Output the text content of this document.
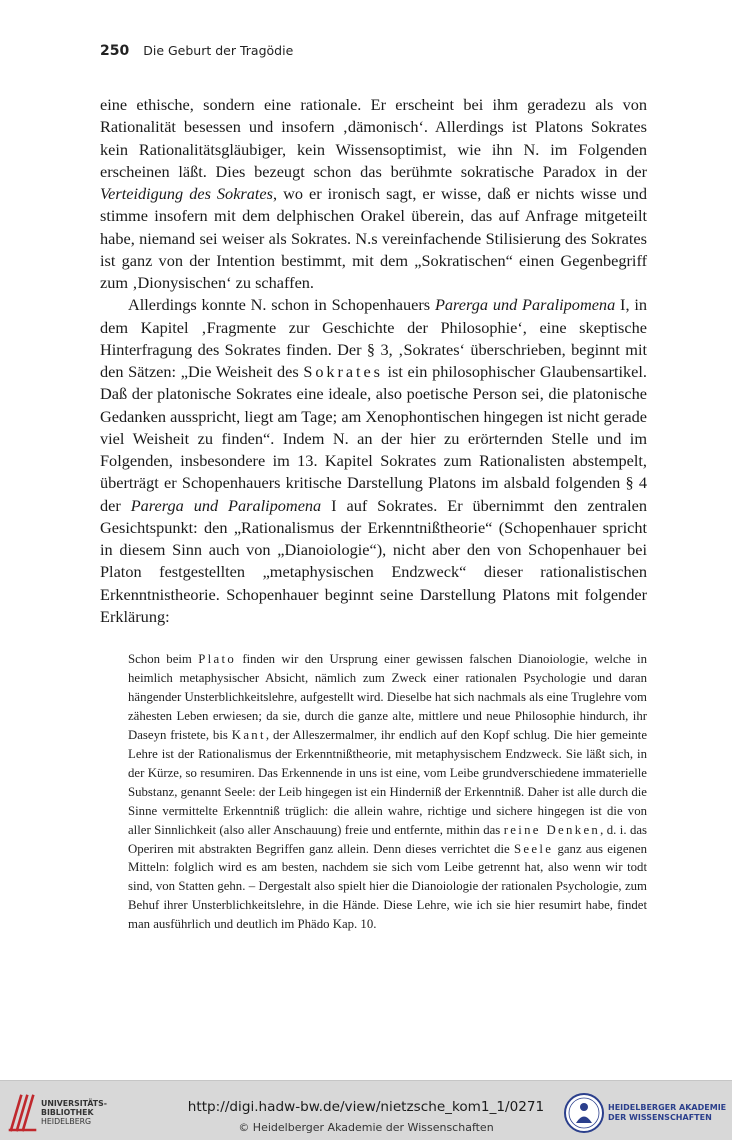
250 Die Geburt der Tragödie

eine ethische, sondern eine rationale. Er erscheint bei ihm geradezu als von Rationalität besessen und insofern ‚dämonisch‘. Allerdings ist Platons Sokrates kein Rationalitätsgläubiger, kein Wissensoptimist, wie ihn N. im Folgenden erscheinen läßt. Dies bezeugt schon das berühmte sokratische Paradox in der Verteidigung des Sokrates, wo er ironisch sagt, er wisse, daß er nichts wisse und stimme insofern mit dem delphischen Orakel überein, das auf Anfrage mitgeteilt habe, niemand sei weiser als Sokrates. N.s vereinfachende Stilisierung des Sokrates ist ganz von der Intention bestimmt, mit dem „Sokratischen“ einen Gegenbegriff zum ‚Dionysischen‘ zu schaffen.

Allerdings konnte N. schon in Schopenhauers Parerga und Paralipomena I, in dem Kapitel ‚Fragmente zur Geschichte der Philosophie‘, eine skeptische Hinterfragung des Sokrates finden. Der § 3, ‚Sokrates‘ überschrieben, beginnt mit den Sätzen: „Die Weisheit des Sokrates ist ein philosophischer Glaubensartikel. Daß der platonische Sokrates eine ideale, also poetische Person sei, die platonische Gedanken ausspricht, liegt am Tage; am Xenophontischen hingegen ist nicht gerade viel Weisheit zu finden“. Indem N. an der hier zu erörternden Stelle und im Folgenden, insbesondere im 13. Kapitel Sokrates zum Rationalisten abstempelt, überträgt er Schopenhauers kritische Darstellung Platons im alsbald folgenden § 4 der Parerga und Paralipomena I auf Sokrates. Er übernimmt den zentralen Gesichtspunkt: den „Rationalismus der Erkenntnißtheorie“ (Schopenhauer spricht in diesem Sinn auch von „Dianoiologie“), nicht aber den von Schopenhauer bei Platon festgestellten „metaphysischen Endzweck“ dieser rationalistischen Erkenntnistheorie. Schopenhauer beginnt seine Darstellung Platons mit folgender Erklärung:

Schon beim Plato finden wir den Ursprung einer gewissen falschen Dianoiologie, welche in heimlich metaphysischer Absicht, nämlich zum Zweck einer rationalen Psychologie und daran hängender Unsterblichkeitslehre, aufgestellt wird. Dieselbe hat sich nachmals als eine Truglehre vom zähesten Leben erwiesen; da sie, durch die ganze alte, mittlere und neue Philosophie hindurch, ihr Daseyn fristete, bis Kant, der Alleszermalmer, ihr endlich auf den Kopf schlug. Die hier gemeinte Lehre ist der Rationalismus der Erkenntnißtheorie, mit metaphysischem Endzweck. Sie läßt sich, in der Kürze, so resumiren. Das Erkennende in uns ist eine, vom Leibe grundverschiedene immaterielle Substanz, genannt Seele: der Leib hingegen ist ein Hinderniß der Erkenntniß. Daher ist alle durch die Sinne vermittelte Erkenntniß trüglich: die allein wahre, richtige und sichere hingegen ist die von aller Sinnlichkeit (also aller Anschauung) freie und entfernte, mithin das reine Denken, d. i. das Operiren mit abstrakten Begriffen ganz allein. Denn dieses verrichtet die Seele ganz aus eigenen Mitteln: folglich wird es am besten, nachdem sie sich vom Leibe getrennt hat, also wenn wir todt sind, von Statten gehn. – Dergestalt also spielt hier die Dianoiologie der rationalen Psychologie, zum Behuf ihrer Unsterblichkeitslehre, in die Hände. Diese Lehre, wie ich sie hier resumirt habe, findet man ausführlich und deutlich im Phädo Kap. 10.

UNIVERSITÄTS-
BIBLIOTHEK
HEIDELBERG
http://digi.hadw-bw.de/view/nietzsche_kom1_1/0271
© Heidelberger Akademie der Wissenschaften
HEIDELBERGER AKADEMIE
DER WISSENSCHAFTEN
